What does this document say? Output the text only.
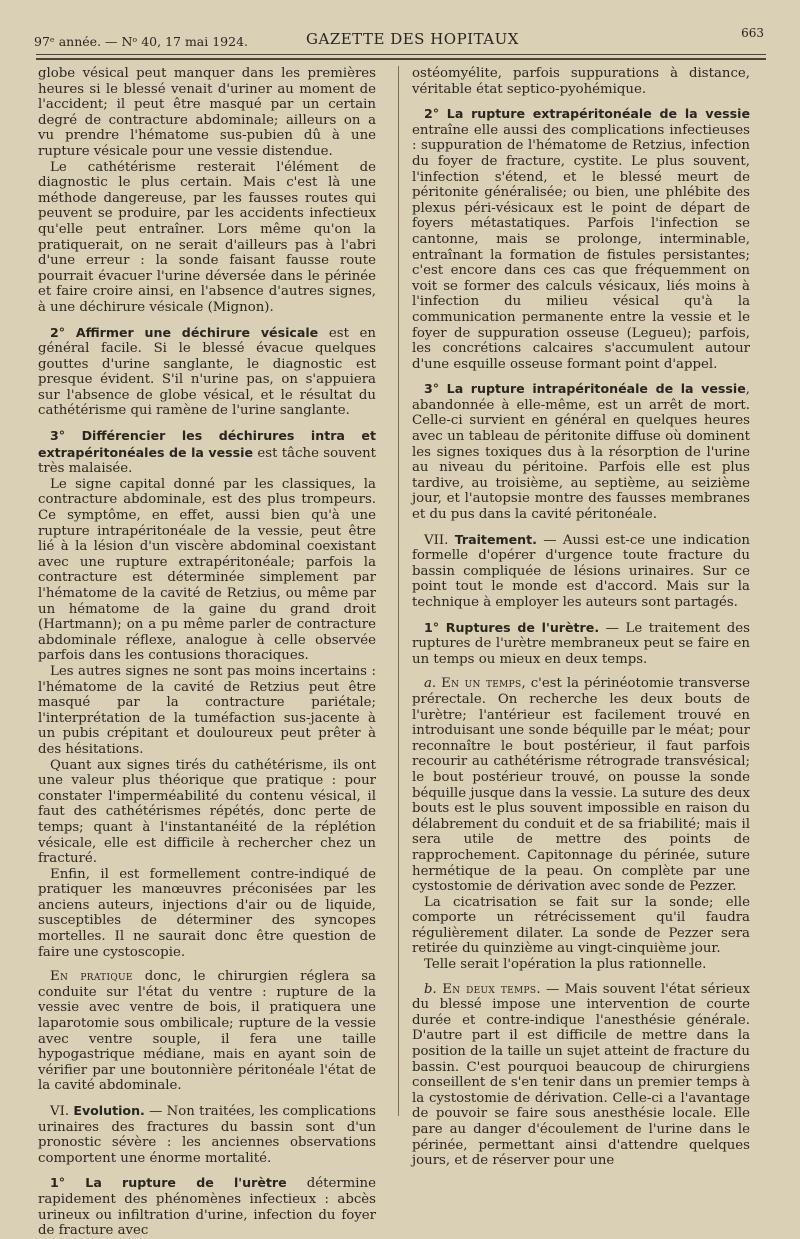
97ᵉ année. — Nᵒ 40, 17 mai 1924.	GAZETTE DES HOPITAUX	663

globe vésical peut manquer dans les premières heures si le blessé venait d'uriner au moment de l'accident; il peut être masqué par un certain degré de contracture abdominale; ailleurs on a vu prendre l'hématome sus-pubien dû à une rupture vésicale pour une vessie distendue.

Le cathétérisme resterait l'élément de diagnostic le plus certain. Mais c'est là une méthode dangereuse, par les fausses routes qui peuvent se produire, par les accidents infectieux qu'elle peut entraîner. Lors même qu'on la pratiquerait, on ne serait d'ailleurs pas à l'abri d'une erreur : la sonde faisant fausse route pourrait évacuer l'urine déversée dans le périnée et faire croire ainsi, en l'absence d'autres signes, à une déchirure vésicale (Mignon).

2° Affirmer une déchirure vésicale est en général facile. Si le blessé évacue quelques gouttes d'urine sanglante, le diagnostic est presque évident. S'il n'urine pas, on s'appuiera sur l'absence de globe vésical, et le résultat du cathétérisme qui ramène de l'urine sanglante.

3° Différencier les déchirures intra et extrapéritonéales de la vessie est tâche souvent très malaisée.

Le signe capital donné par les classiques, la contracture abdominale, est des plus trompeurs. Ce symptôme, en effet, aussi bien qu'à une rupture intrapéritonéale de la vessie, peut être lié à la lésion d'un viscère abdominal coexistant avec une rupture extrapéritonéale; parfois la contracture est déterminée simplement par l'hématome de la cavité de Retzius, ou même par un hématome de la gaine du grand droit (Hartmann); on a pu même parler de contracture abdominale réflexe, analogue à celle observée parfois dans les contusions thoraciques.

Les autres signes ne sont pas moins incertains : l'hématome de la cavité de Retzius peut être masqué par la contracture pariétale; l'interprétation de la tuméfaction sus-jacente à un pubis crépitant et douloureux peut prêter à des hésitations.

Quant aux signes tirés du cathétérisme, ils ont une valeur plus théorique que pratique : pour constater l'imperméabilité du contenu vésical, il faut des cathétérismes répétés, donc perte de temps; quant à l'instantanéité de la réplétion vésicale, elle est difficile à rechercher chez un fracturé.

Enfin, il est formellement contre-indiqué de pratiquer les manœuvres préconisées par les anciens auteurs, injections d'air ou de liquide, susceptibles de déterminer des syncopes mortelles. Il ne saurait donc être question de faire une cystoscopie.

En pratique donc, le chirurgien réglera sa conduite sur l'état du ventre : rupture de la vessie avec ventre de bois, il pratiquera une laparotomie sous ombilicale; rupture de la vessie avec ventre souple, il fera une taille hypogastrique médiane, mais en ayant soin de vérifier par une boutonnière péritonéale l'état de la cavité abdominale.

VI. Evolution. — Non traitées, les complications urinaires des fractures du bassin sont d'un pronostic sévère : les anciennes observations comportent une énorme mortalité.

1° La rupture de l'urètre détermine rapidement des phénomènes infectieux : abcès urineux ou infiltration d'urine, infection du foyer de fracture avec

ostéomyélite, parfois suppurations à distance, véritable état septico-pyohémique.

2° La rupture extrapéritonéale de la vessie entraîne elle aussi des complications infectieuses : suppuration de l'hématome de Retzius, infection du foyer de fracture, cystite. Le plus souvent, l'infection s'étend, et le blessé meurt de péritonite généralisée; ou bien, une phlébite des plexus péri-vésicaux est le point de départ de foyers métastatiques. Parfois l'infection se cantonne, mais se prolonge, interminable, entraînant la formation de fistules persistantes; c'est encore dans ces cas que fréquemment on voit se former des calculs vésicaux, liés moins à l'infection du milieu vésical qu'à la communication permanente entre la vessie et le foyer de suppuration osseuse (Legueu); parfois, les concrétions calcaires s'accumulent autour d'une esquille osseuse formant point d'appel.

3° La rupture intrapéritonéale de la vessie, abandonnée à elle-même, est un arrêt de mort. Celle-ci survient en général en quelques heures avec un tableau de péritonite diffuse où dominent les signes toxiques dus à la résorption de l'urine au niveau du péritoine. Parfois elle est plus tardive, au troisième, au septième, au seizième jour, et l'autopsie montre des fausses membranes et du pus dans la cavité péritonéale.

VII. Traitement. — Aussi est-ce une indication formelle d'opérer d'urgence toute fracture du bassin compliquée de lésions urinaires. Sur ce point tout le monde est d'accord. Mais sur la technique à employer les auteurs sont partagés.

1° Ruptures de l'urètre. — Le traitement des ruptures de l'urètre membraneux peut se faire en un temps ou mieux en deux temps.

a. En un temps, c'est la périnéotomie transverse prérectale. On recherche les deux bouts de l'urètre; l'antérieur est facilement trouvé en introduisant une sonde béquille par le méat; pour reconnaître le bout postérieur, il faut parfois recourir au cathétérisme rétrograde transvésical; le bout postérieur trouvé, on pousse la sonde béquille jusque dans la vessie. La suture des deux bouts est le plus souvent impossible en raison du délabrement du conduit et de sa friabilité; mais il sera utile de mettre des points de rapprochement. Capitonnage du périnée, suture hermétique de la peau. On complète par une cystostomie de dérivation avec sonde de Pezzer.

La cicatrisation se fait sur la sonde; elle comporte un rétrécissement qu'il faudra régulièrement dilater. La sonde de Pezzer sera retirée du quinzième au vingt-cinquième jour.

Telle serait l'opération la plus rationnelle.

b. En deux temps. — Mais souvent l'état sérieux du blessé impose une intervention de courte durée et contre-indique l'anesthésie générale. D'autre part il est difficile de mettre dans la position de la taille un sujet atteint de fracture du bassin. C'est pourquoi beaucoup de chirurgiens conseillent de s'en tenir dans un premier temps à la cystostomie de dérivation. Celle-ci a l'avantage de pouvoir se faire sous anesthésie locale. Elle pare au danger d'écoulement de l'urine dans le périnée, permettant ainsi d'attendre quelques jours, et de réserver pour une
